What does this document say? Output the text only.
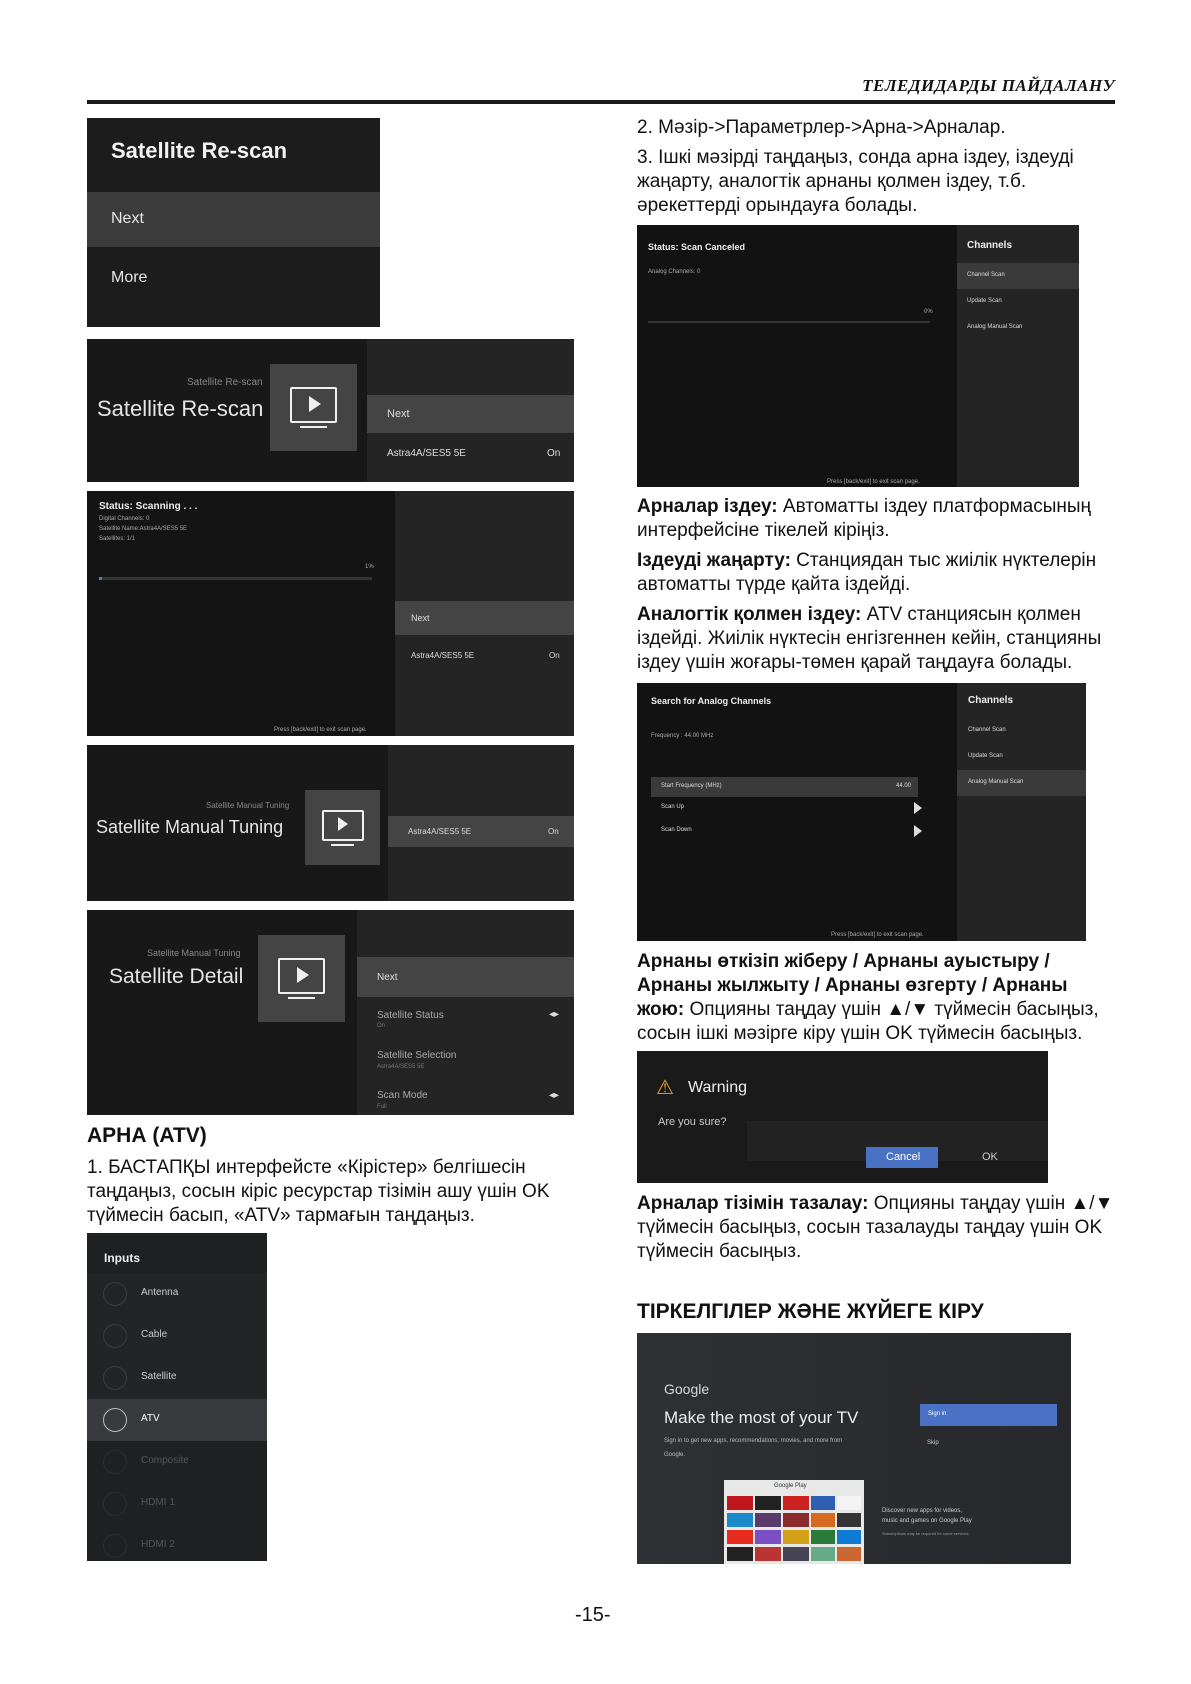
ТЕЛЕДИДАРДЫ ПАЙДАЛАНУ
Satellite Re-scan
Next
More
Satellite Re-scan
Satellite Re-scan	Next
Astra4A/SES5 5E	On
Status: Scanning . . .
Digital Channels: 0
Satellite Name:Astra4A/SES5 5E
Satellites: 1/1
1%
Next
Astra4A/SES5 5E	On
Press [back/exit] to exit scan page.
Satellite Manual Tuning
Satellite Manual Tuning	Astra4A/SES5 5E	On
Satellite Manual Tuning
Satellite Detail	Next
Satellite Status
On
◂▸
Satellite Selection
Astra4A/SES5 5E
Scan Mode
Full
◂▸
АРНА (ATV)
1. БАСТАПҚЫ интерфейсте «Кірістер» белгішесін
таңдаңыз, сосын кіріс ресурстар тізімін ашу үшін OK
түймесін басып, «ATV» тармағын таңдаңыз.
Inputs
Antenna
Cable
Satellite
ATV
Composite
HDMI 1
HDMI 2
2. Мәзір->Параметрлер->Арна->Арналар.
3. Ішкі мәзірді таңдаңыз, сонда арна іздеу, іздеуді
жаңарту, аналогтік арнаны қолмен іздеу, т.б.
әрекеттерді орындауға болады.
Status: Scan Canceled
Analog Channels: 0
0%
Press [back/exit] to exit scan page.
Channels
Channel Scan
Update Scan
Analog Manual Scan
Арналар іздеу: Автоматты іздеу платформасының
интерфейсіне тікелей кіріңіз.
Іздеуді жаңарту: Станциядан тыс жиілік нүктелерін
автоматты түрде қайта іздейді.
Аналогтік қолмен іздеу: ATV станциясын қолмен
іздейді. Жиілік нүктесін енгізгеннен кейін, станцияны
іздеу үшін жоғары-төмен қарай таңдауға болады.
Search for Analog Channels
Frequency : 44.00 MHz
Start Frequency (MHz)	44.00
Scan Up
Scan Down
Press [back/exit] to exit scan page.
Channels
Channel Scan
Update Scan
Analog Manual Scan
Арнаны өткізіп жіберу / Арнаны ауыстыру /
Арнаны жылжыту / Арнаны өзгерту / Арнаны
жою: Опцияны таңдау үшін ▲/▼ түймесін басыңыз,
сосын ішкі мәзірге кіру үшін OK түймесін басыңыз.
⚠ Warning
Are you sure?
Cancel	OK
Арналар тізімін тазалау: Опцияны таңдау үшін ▲/▼
түймесін басыңыз, сосын тазалауды таңдау үшін OK
түймесін басыңыз.
ТІРКЕЛГІЛЕР ЖӘНЕ ЖҮЙЕГЕ КІРУ
Google
Make the most of your TV
Sign in to get new apps, recommendations, movies, and more from
Google.
Sign in
Skip
Google Play
Discover new apps for videos,
music and games on Google Play
Subscriptions may be required for some services
-15-
